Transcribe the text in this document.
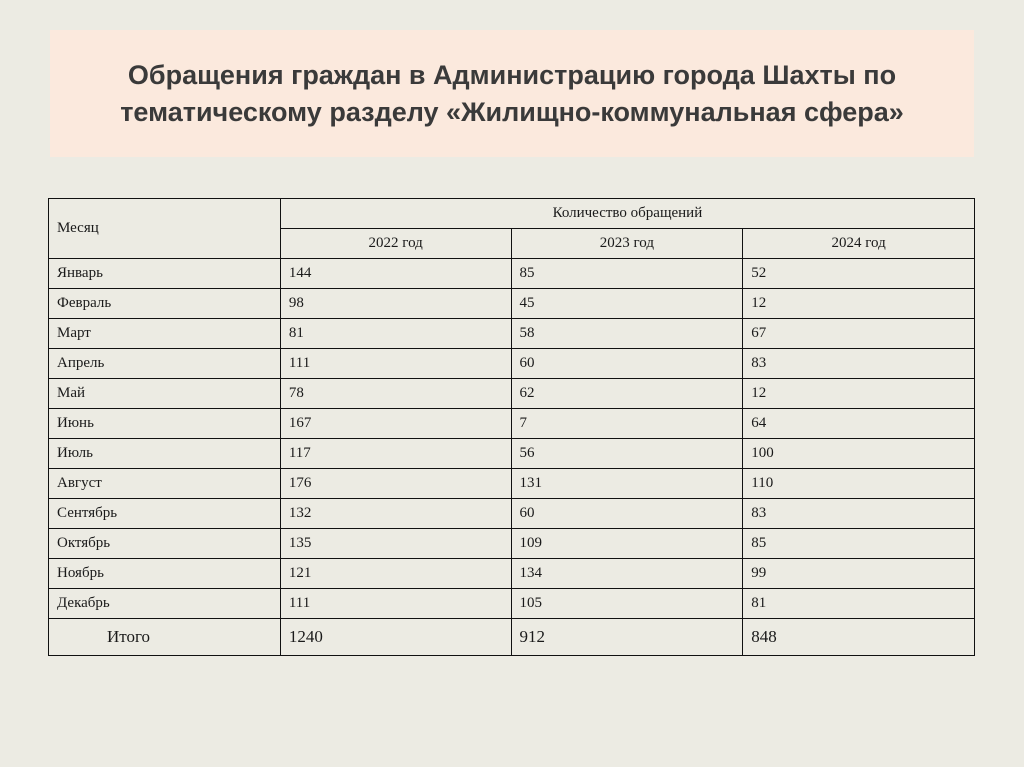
Обращения граждан в Администрацию города Шахты по
тематическому разделу «Жилищно-коммунальная сфера»
Месяц	Количество обращений		
	2022 год	2023 год	2024 год
Январь	144	85	52
Февраль	98	45	12
Март	81	58	67
Апрель	111	60	83
Май	78	62	12
Июнь	167	7	64
Июль	117	56	100
Август	176	131	110
Сентябрь	132	60	83
Октябрь	135	109	85
Ноябрь	121	134	99
Декабрь	111	105	81
Итого	1240	912	848
